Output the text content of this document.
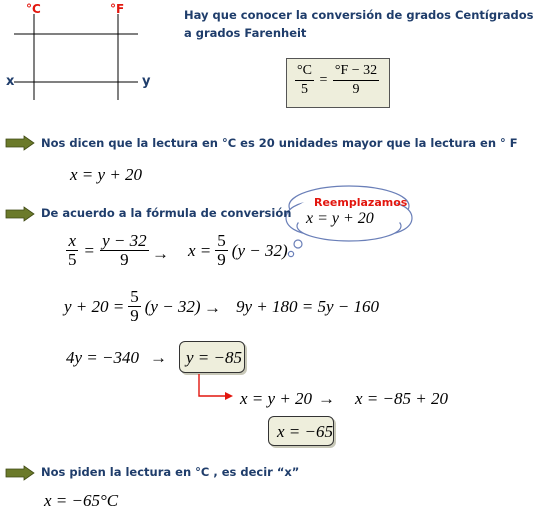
°C	°F
x	y
Hay que conocer la conversión de grados Centígrados
a grados Farenheit
$\frac{^\circ C}{5} = \frac{^\circ F - 32}{9}$
Nos dicen que la lectura en °C es 20 unidades mayor que la lectura en ° F
x = y + 20
Reemplazamos
x = y + 20
De acuerdo a la fórmula de conversión
$\frac{x}{5} = \frac{y - 32}{9} \to x = \frac{5}{9} (y - 32)$
$y + 20 = \frac{5}{9} (y - 32) \to 9y + 180 = 5y - 160$
4y = −340 → y = −85
x = y + 20 → x = −85 + 20
x = −65
Nos piden la lectura en °C , es decir “x”
x = −65°C
